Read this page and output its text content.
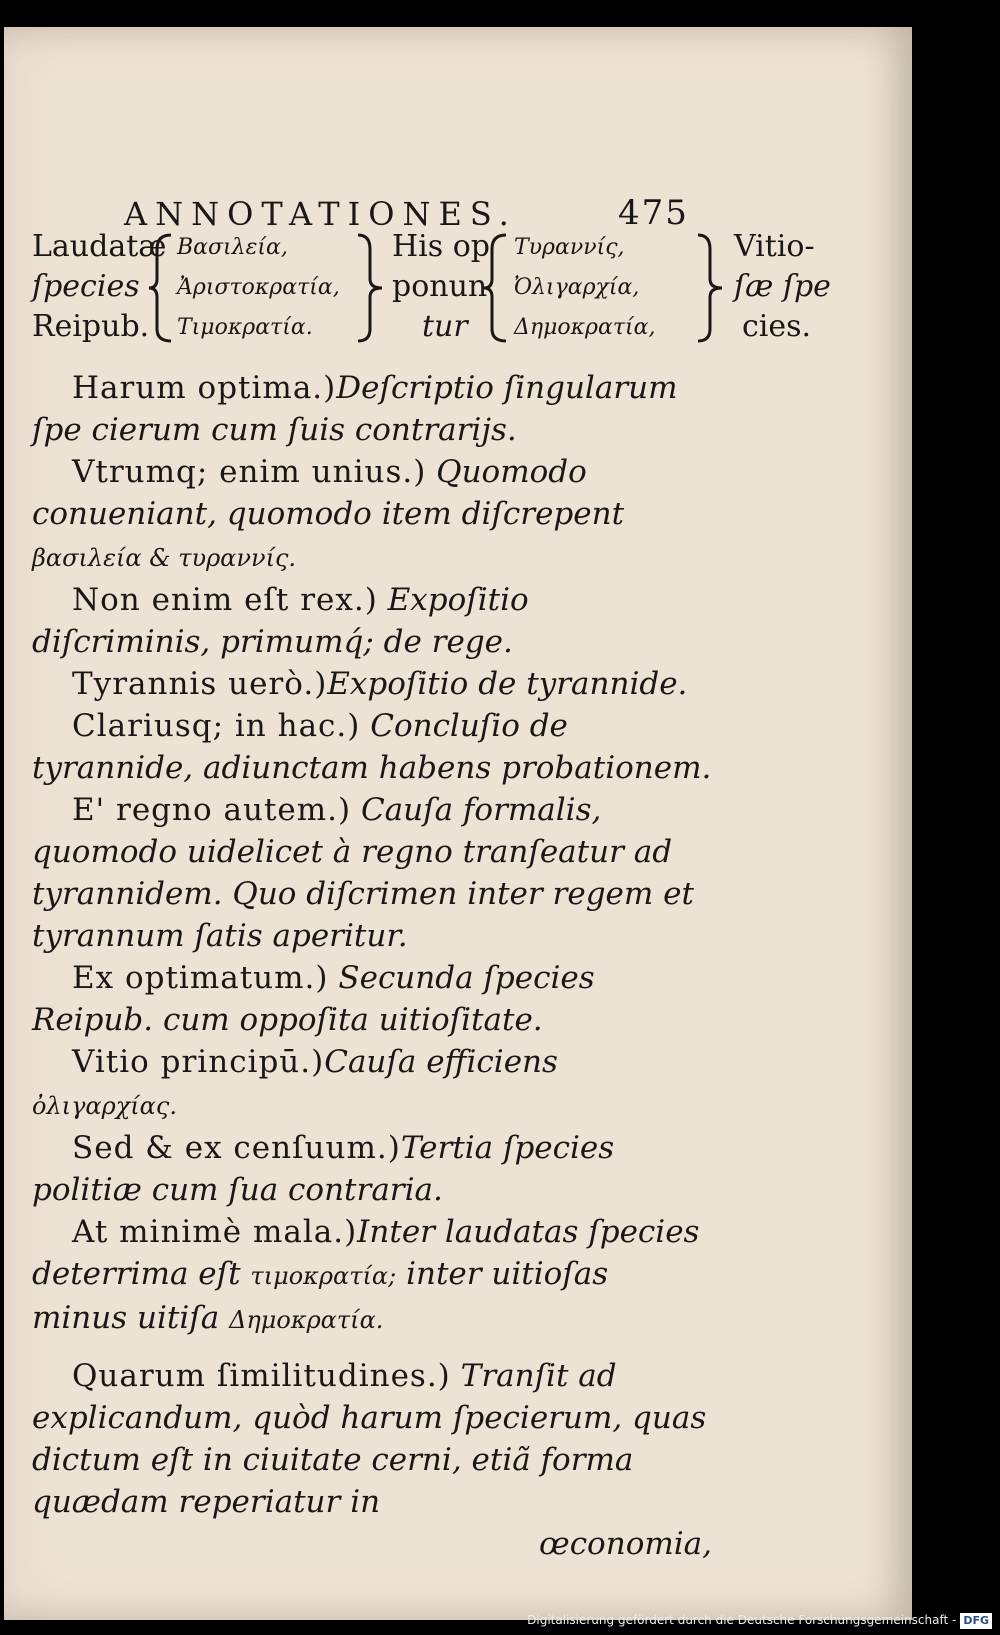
ANNOTATIONES.	475
Laudatæ
ſpecies
Reipub.
Βασιλεία,
Ἀριστοκρατία,
Τιμοκρατία.
His op
ponun
tur
Τυραννίς,
Ὀλιγαρχία,
Δημοκρατία,
Vitio-
ſæ ſpe
cies.

Harum optima.)Deſcriptio ſingularum ſpe cierum cum ſuis contrarijs.

Vtrumq; enim unius.) Quomodo conueniant, quomodo item diſcrepent βασιλεία & τυραννίς.

Non enim eſt rex.) Expoſitio diſcriminis, primumq́; de rege.

Tyrannis uerò.)Expoſitio de tyrannide.

Clariusq; in hac.) Concluſio de tyrannide, adiunctam habens probationem.

E' regno autem.) Cauſa formalis, quomodo uidelicet à regno tranſeatur ad tyrannidem. Quo diſcrimen inter regem et tyrannum ſatis aperitur.

Ex optimatum.) Secunda ſpecies Reipub. cum oppoſita uitioſitate.

Vitio principū.)Cauſa efficiens ὀλιγαρχίας.

Sed & ex cenſuum.)Tertia ſpecies politiæ cum ſua contraria.

At minimè mala.)Inter laudatas ſpecies deterrima eſt τιμοκρατία; inter uitioſas minus uitiſa Δημοκρατία.

Quarum ſimilitudines.) Tranſit ad explicandum, quòd harum ſpecierum, quas dictum eſt in ciuitate cerni, etiã forma quædam reperiatur in

œconomia,

Digitalisierung gefördert durch die Deutsche Forschungsgemeinschaft - DFG
